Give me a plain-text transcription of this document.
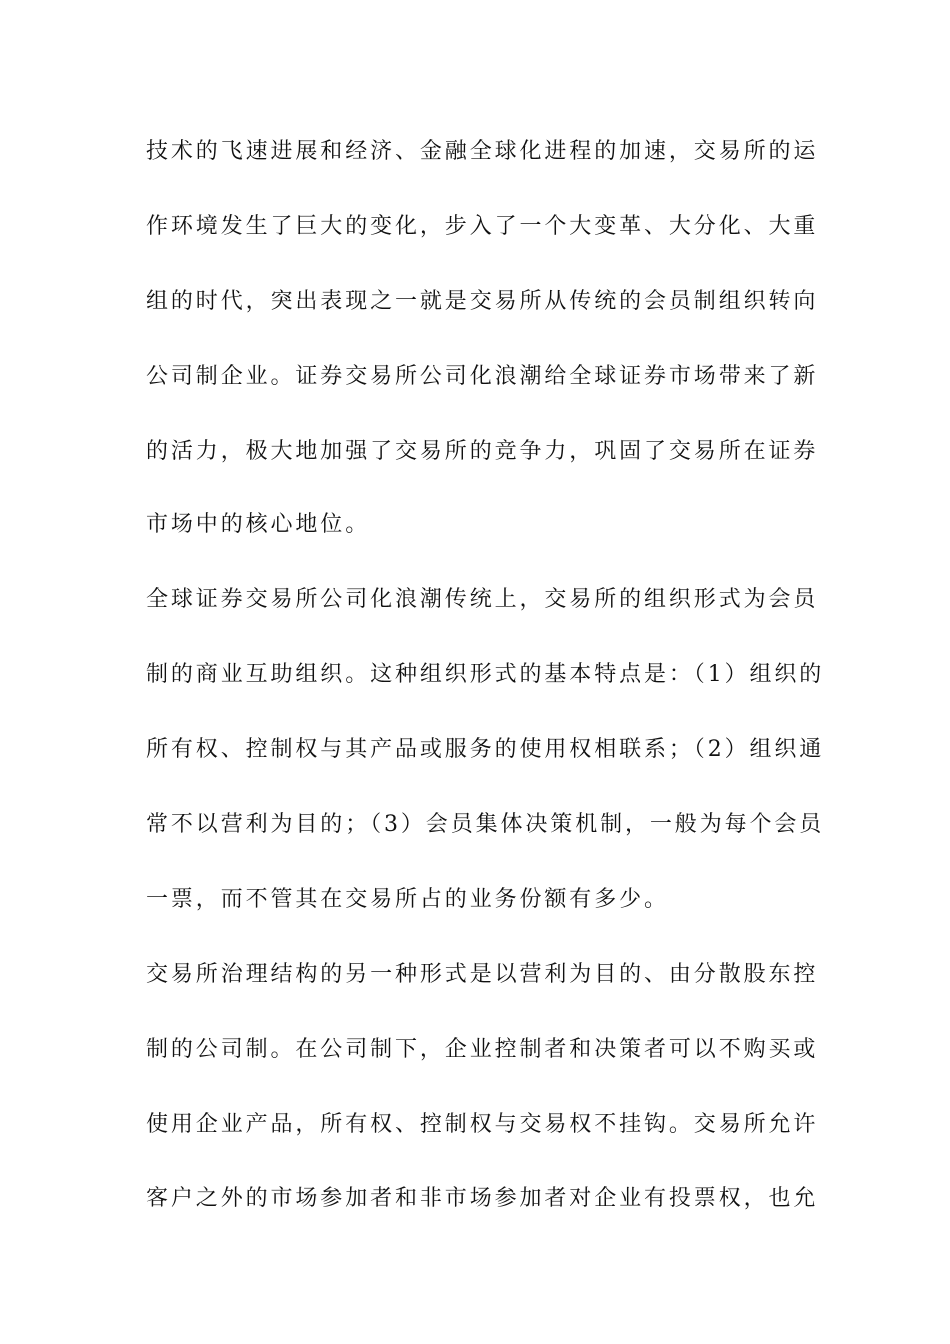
技术的飞速进展和经济、金融全球化进程的加速，交易所的运
作环境发生了巨大的变化，步入了一个大变革、大分化、大重
组的时代，突出表现之一就是交易所从传统的会员制组织转向
公司制企业。证券交易所公司化浪潮给全球证券市场带来了新
的活力，极大地加强了交易所的竞争力，巩固了交易所在证券
市场中的核心地位。
全球证券交易所公司化浪潮传统上，交易所的组织形式为会员
制的商业互助组织。这种组织形式的基本特点是：（1）组织的
所有权、控制权与其产品或服务的使用权相联系；（2）组织通
常不以营利为目的；（3）会员集体决策机制，一般为每个会员
一票，而不管其在交易所占的业务份额有多少。
交易所治理结构的另一种形式是以营利为目的、由分散股东控
制的公司制。在公司制下，企业控制者和决策者可以不购买或
使用企业产品，所有权、控制权与交易权不挂钩。交易所允许
客户之外的市场参加者和非市场参加者对企业有投票权，也允
